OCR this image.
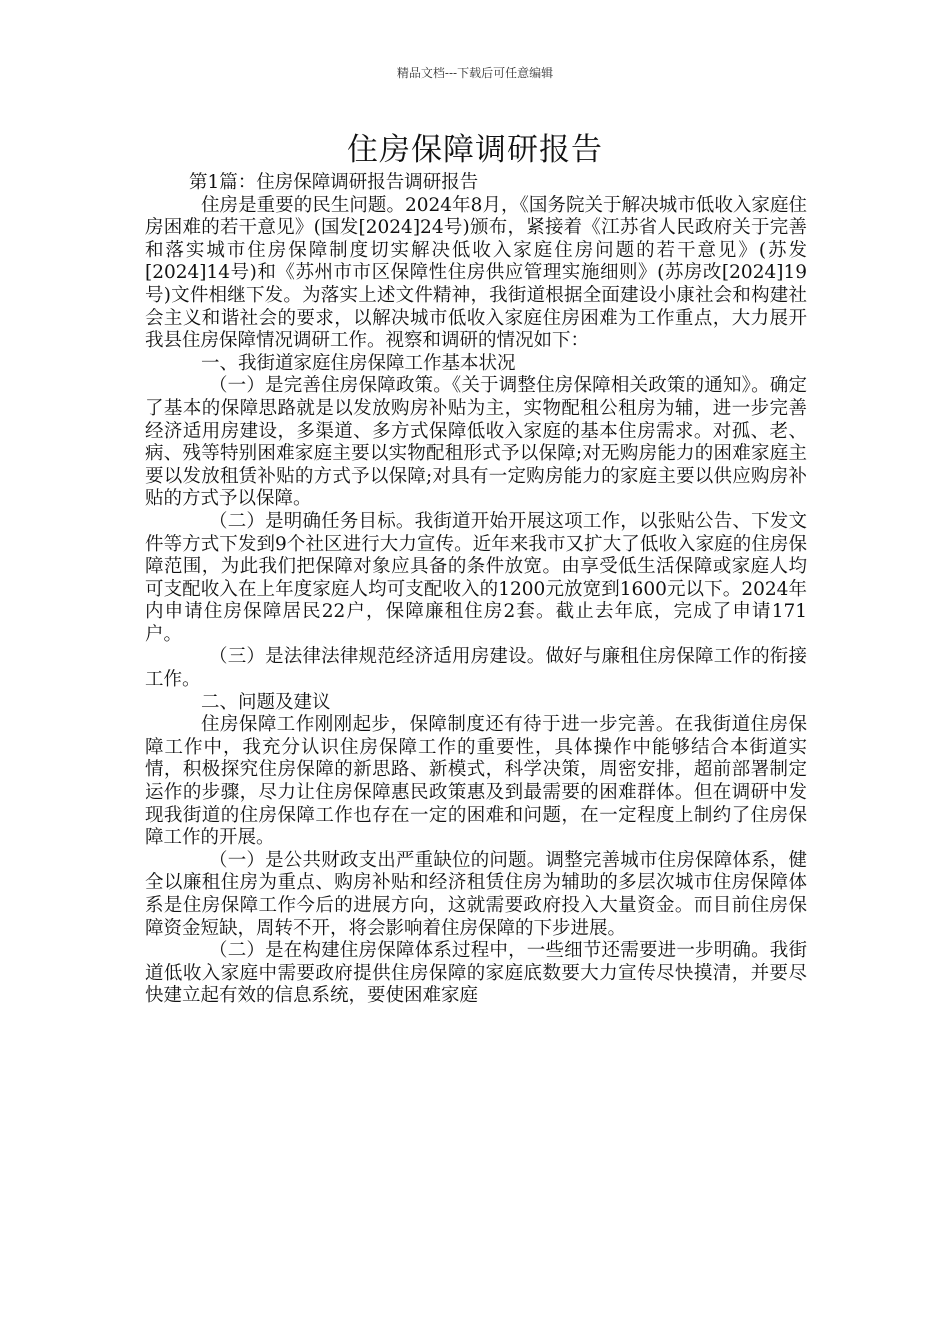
精品文档---下载后可任意编辑
住房保障调研报告

第1篇：住房保障调研报告调研报告

住房是重要的民生问题。2024年8月，《国务院关于解决城市低收入家庭住房困难的若干意见》(国发[2024]24号)颁布，紧接着《江苏省人民政府关于完善和落实城市住房保障制度切实解决低收入家庭住房问题的若干意见》(苏发[2024]14号)和《苏州市市区保障性住房供应管理实施细则》(苏房改[2024]19号)文件相继下发。为落实上述文件精神，我街道根据全面建设小康社会和构建社会主义和谐社会的要求，以解决城市低收入家庭住房困难为工作重点，大力展开我县住房保障情况调研工作。视察和调研的情况如下：

一、我街道家庭住房保障工作基本状况

（一）是完善住房保障政策。《关于调整住房保障相关政策的通知》。确定了基本的保障思路就是以发放购房补贴为主，实物配租公租房为辅，进一步完善经济适用房建设，多渠道、多方式保障低收入家庭的基本住房需求。对孤、老、病、残等特别困难家庭主要以实物配租形式予以保障;对无购房能力的困难家庭主要以发放租赁补贴的方式予以保障;对具有一定购房能力的家庭主要以供应购房补贴的方式予以保障。

（二）是明确任务目标。我街道开始开展这项工作，以张贴公告、下发文件等方式下发到9个社区进行大力宣传。近年来我市又扩大了低收入家庭的住房保障范围，为此我们把保障对象应具备的条件放宽。由享受低生活保障或家庭人均可支配收入在上年度家庭人均可支配收入的1200元放宽到1600元以下。2024年内申请住房保障居民22户，保障廉租住房2套。截止去年底，完成了申请171户。

（三）是法律法律规范经济适用房建设。做好与廉租住房保障工作的衔接工作。

二、问题及建议

住房保障工作刚刚起步，保障制度还有待于进一步完善。在我街道住房保障工作中，我充分认识住房保障工作的重要性，具体操作中能够结合本街道实情，积极探究住房保障的新思路、新模式，科学决策，周密安排，超前部署制定运作的步骤，尽力让住房保障惠民政策惠及到最需要的困难群体。但在调研中发现我街道的住房保障工作也存在一定的困难和问题，在一定程度上制约了住房保障工作的开展。

（一）是公共财政支出严重缺位的问题。调整完善城市住房保障体系，健全以廉租住房为重点、购房补贴和经济租赁住房为辅助的多层次城市住房保障体系是住房保障工作今后的进展方向，这就需要政府投入大量资金。而目前住房保障资金短缺，周转不开，将会影响着住房保障的下步进展。

（二）是在构建住房保障体系过程中，一些细节还需要进一步明确。我街道低收入家庭中需要政府提供住房保障的家庭底数要大力宣传尽快摸清，并要尽快建立起有效的信息系统，要使困难家庭
